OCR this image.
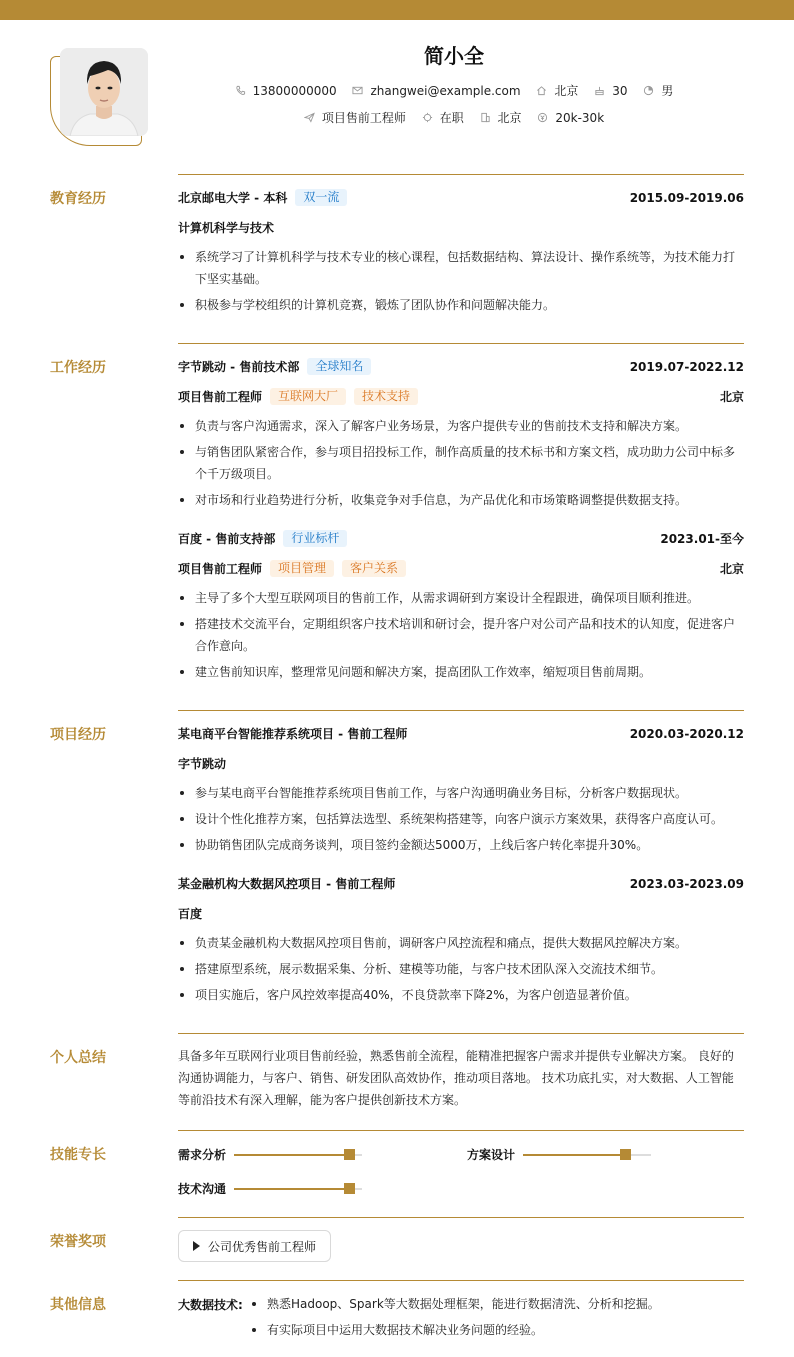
简小全
13800000000
	zhangwei@example.com
	北京
	30
	男
项目售前工程师
	在职
	北京
	20k-30k
教育经历	北京邮电大学 - 本科	双一流	2015.09-2019.06
计算机科学与技术
系统学习了计算机科学与技术专业的核心课程，包括数据结构、算法设计、操作系统等，为技术能力打
下坚实基础。
积极参与学校组织的计算机竞赛，锻炼了团队协作和问题解决能力。
工作经历	字节跳动 - 售前技术部	全球知名	2019.07-2022.12
项目售前工程师	互联网大厂	技术支持	北京
负责与客户沟通需求，深入了解客户业务场景，为客户提供专业的售前技术支持和解决方案。
与销售团队紧密合作，参与项目招投标工作，制作高质量的技术标书和方案文档，成功助力公司中标多
个千万级项目。
对市场和行业趋势进行分析，收集竞争对手信息，为产品优化和市场策略调整提供数据支持。
百度 - 售前支持部	行业标杆	2023.01-至今
项目售前工程师	项目管理	客户关系	北京
主导了多个大型互联网项目的售前工作，从需求调研到方案设计全程跟进，确保项目顺利推进。
搭建技术交流平台，定期组织客户技术培训和研讨会，提升客户对公司产品和技术的认知度，促进客户
合作意向。
建立售前知识库，整理常见问题和解决方案，提高团队工作效率，缩短项目售前周期。
项目经历	某电商平台智能推荐系统项目 - 售前工程师	2020.03-2020.12
字节跳动
参与某电商平台智能推荐系统项目售前工作，与客户沟通明确业务目标，分析客户数据现状。
设计个性化推荐方案，包括算法选型、系统架构搭建等，向客户演示方案效果，获得客户高度认可。
协助销售团队完成商务谈判，项目签约金额达5000万，上线后客户转化率提升30%。
某金融机构大数据风控项目 - 售前工程师	2023.03-2023.09
百度
负责某金融机构大数据风控项目售前，调研客户风控流程和痛点，提供大数据风控解决方案。
搭建原型系统，展示数据采集、分析、建模等功能，与客户技术团队深入交流技术细节。
项目实施后，客户风控效率提高40%，不良贷款率下降2%，为客户创造显著价值。
个人总结	具备多年互联网行业项目售前经验，熟悉售前全流程，能精准把握客户需求并提供专业解决方案。 良好的
沟通协调能力，与客户、销售、研发团队高效协作，推动项目落地。 技术功底扎实，对大数据、人工智能
等前沿技术有深入理解，能为客户提供创新技术方案。
技能专长	需求分析	方案设计
技术沟通
荣誉奖项	公司优秀售前工程师
其他信息	大数据技术:	熟悉Hadoop、Spark等大数据处理框架，能进行数据清洗、分析和挖掘。
有实际项目中运用大数据技术解决业务问题的经验。
